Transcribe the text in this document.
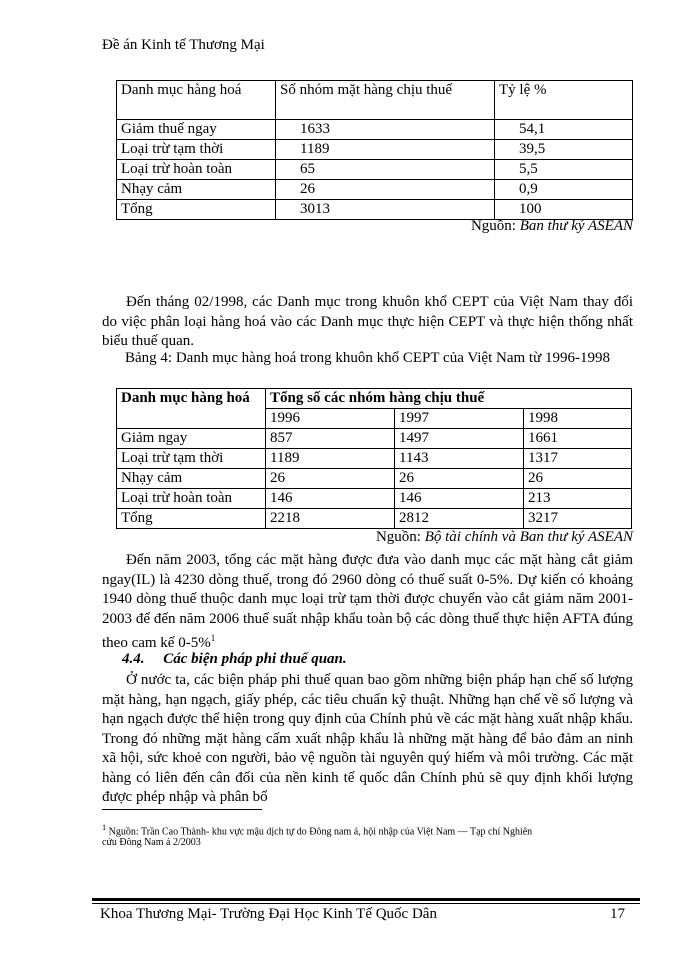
Đề án Kinh tế Thương Mại
Danh mục hàng hoá	Số nhóm mặt hàng chịu thuế	Tỷ lệ %
Giảm thuế ngay	1633	54,1
Loại trừ tạm thời	1189	39,5
Loại trừ hoàn toàn	65	5,5
Nhạy cảm	26	0,9
Tổng	3013	100
Nguồn: Ban thư ký ASEAN
Đến tháng 02/1998, các Danh mục trong khuôn khổ CEPT của Việt Nam thay đổi do việc phân loại hàng hoá vào các Danh mục thực hiện CEPT và thực hiện thống nhất biểu thuế quan.
Bảng 4: Danh mục hàng hoá trong khuôn khổ CEPT của Việt Nam từ 1996-1998
Danh mục hàng hoá	Tổng số các nhóm hàng chịu thuế		
	1996	1997	1998
Giảm ngay	857	1497	1661
Loại trừ tạm thời	1189	1143	1317
Nhạy cảm	26	26	26
Loại trừ hoàn toàn	146	146	213
Tổng	2218	2812	3217
Nguồn: Bộ tài chính và Ban thư ký ASEAN
Đến năm 2003, tổng các mặt hàng được đưa vào danh mục các mặt hàng cắt giảm ngay(IL) là 4230 dòng thuế, trong đó 2960 dòng có thuế suất 0-5%. Dự kiến có khoảng 1940 dòng thuế thuộc danh mục loại trừ tạm thời được chuyển vào cắt giảm năm 2001-2003 để đến năm 2006 thuế suất nhập khẩu toàn bộ các dòng thuế thực hiện AFTA đúng theo cam kế 0-5%$^1$
4.4. Các biện pháp phi thuế quan.
Ở nước ta, các biện pháp phi thuế quan bao gồm những biện pháp hạn chế số lượng mặt hàng, hạn ngạch, giấy phép, các tiêu chuẩn kỹ thuật. Những hạn chế về số lượng và hạn ngạch được thể hiện trong quy định của Chính phủ về các mặt hàng xuất nhập khẩu. Trong đó những mặt hàng cấm xuất nhập khẩu là những mặt hàng để bảo đảm an ninh xã hội, sức khoẻ con người, bảo vệ nguồn tài nguyên quý hiếm và môi trường. Các mặt hàng có liên đến cân đối của nền kinh tế quốc dân Chính phủ sẽ quy định khối lượng được phép nhập và phân bổ
$^1$ Nguồn: Trần Cao Thành- khu vực mậu dịch tự do Đông nam á, hội nhập của Việt Nam — Tạp chí Nghiên cứu Đông Nam á 2/2003
Khoa Thương Mại- Trường Đại Học Kinh Tế Quốc Dân	17
